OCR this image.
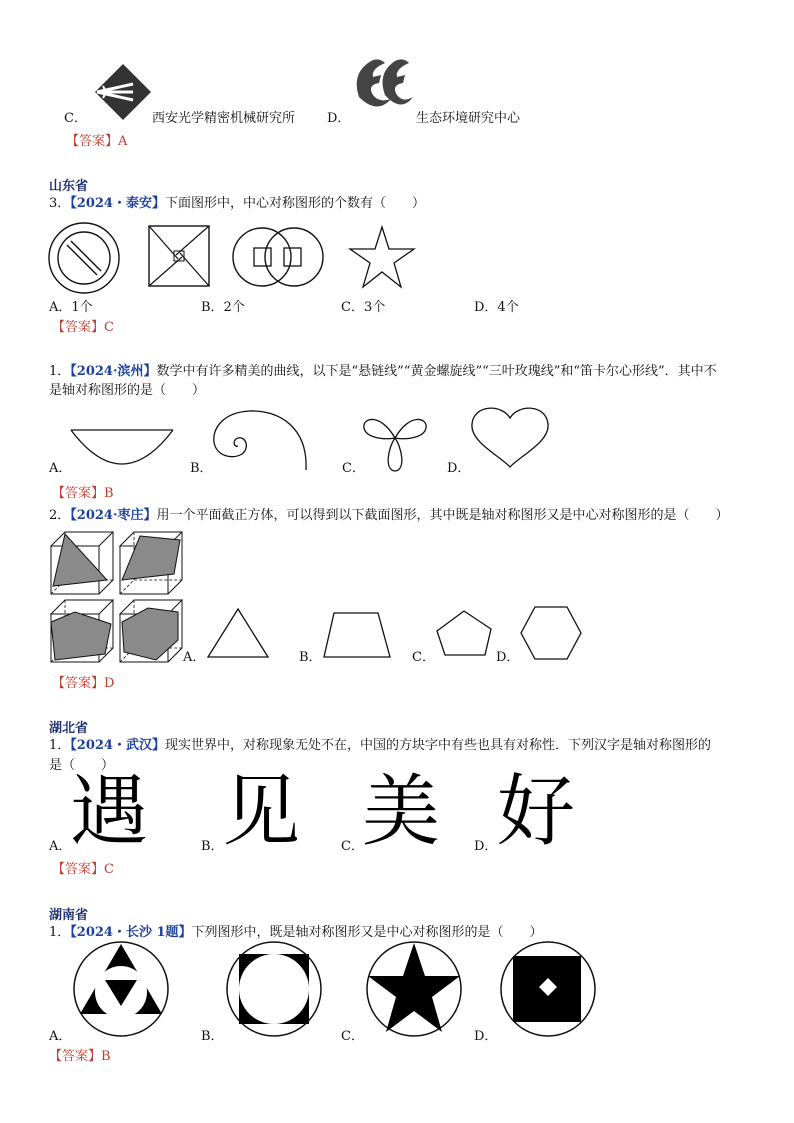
C．	西安光学精密机械研究所 D．	生态环境研究中心
【答案】A
山东省
3．【2024・泰安】下面图形中，中心对称图形的个数有（　　）
A．1个	B．2个	C．3个	D．4个
【答案】C
1．【2024·滨州】数学中有许多精美的曲线，以下是“悬链线”“黄金螺旋线”“三叶玫瑰线”和“笛卡尔心形线”．其中不
是轴对称图形的是（　　）
A．	B．	C．	D．
【答案】B
2．【2024·枣庄】用一个平面截正方体，可以得到以下截面图形，其中既是轴对称图形又是中心对称图形的是（　　）
A．	B．	C．	D．
【答案】D
湖北省
1．【2024・武汉】现实世界中，对称现象无处不在，中国的方块字中有些也具有对称性．下列汉字是轴对称图形的
是（　　）
遇 见 美 好
A．	B．	C．	D．
【答案】C
湖南省
1．【2024・长沙 1题】下列图形中，既是轴对称图形又是中心对称图形的是（　　）
A．	B．	C．	D．
【答案】B
